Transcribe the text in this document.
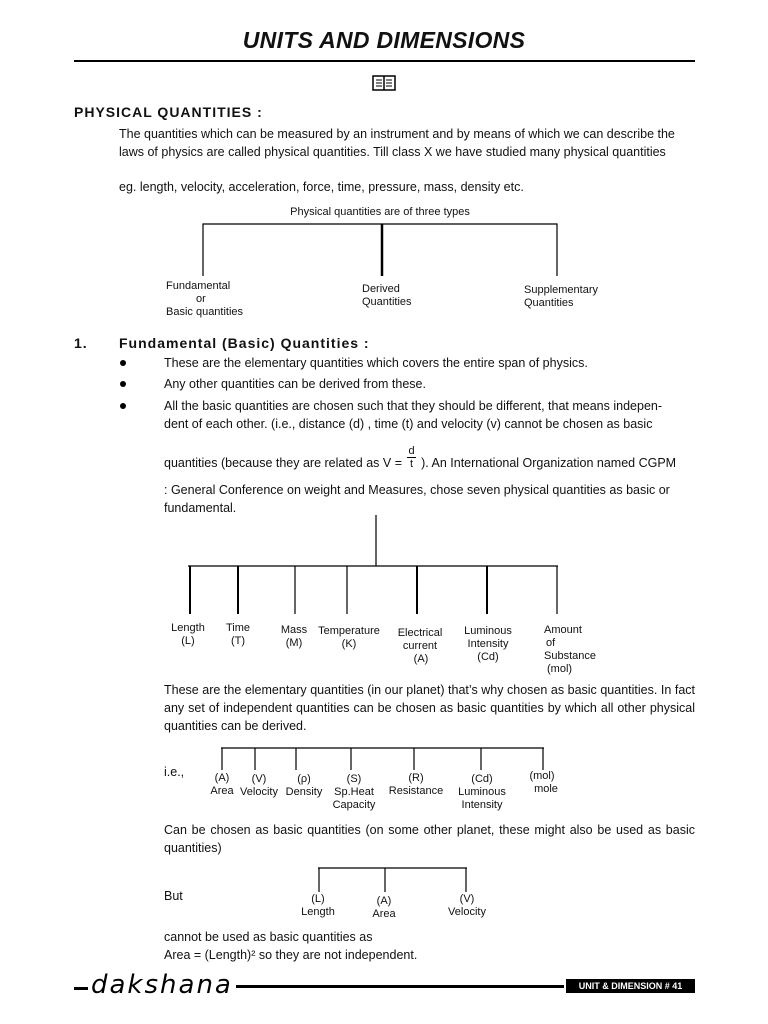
UNITS AND DIMENSIONS
PHYSICAL QUANTITIES :
The quantities which can be measured by an instrument and by means of which we can describe the laws of physics are called physical quantities. Till class X we have studied many physical quantities
eg. length, velocity, acceleration, force, time, pressure, mass, density etc.
Physical quantities are of three types
Fundamental
or
Basic quantities
Derived
Quantities
Supplementary
Quantities
1. Fundamental (Basic) Quantities :
These are the elementary quantities which covers the entire span of physics.
Any other quantities can be derived from these.
All the basic quantities are chosen such that they should be different, that means indepen-
dent of each other. (i.e., distance (d) , time (t) and velocity (v) cannot be chosen as basic
quantities (because they are related as $V = \frac{d}{t}$ ). An International Organization named CGPM
: General Conference on weight and Measures, chose seven physical quantities as basic or fundamental.
Length
(L)
Time
(T)
Mass
(M)
Temperature
(K)
Electrical
current
(A)
Luminous
Intensity
(Cd)
Amount
of
Substance
(mol)
These are the elementary quantities (in our planet) that’s why chosen as basic quantities. In fact any set of independent quantities can be chosen as basic quantities by which all other physical quantities can be derived.
i.e.,	(A)
Area
(V)
Velocity
(ρ)
Density
(S)
Sp.Heat
Capacity
(R)
Resistance
(Cd)
Luminous
Intensity
(mol)
mole
Can be chosen as basic quantities (on some other planet, these might also be used as basic quantities)
But	(L)
Length
(A)
Area
(V)
Velocity
cannot be used as basic quantities as
Area = (Length)² so they are not independent.
dakshana	UNIT & DIMENSION # 41
